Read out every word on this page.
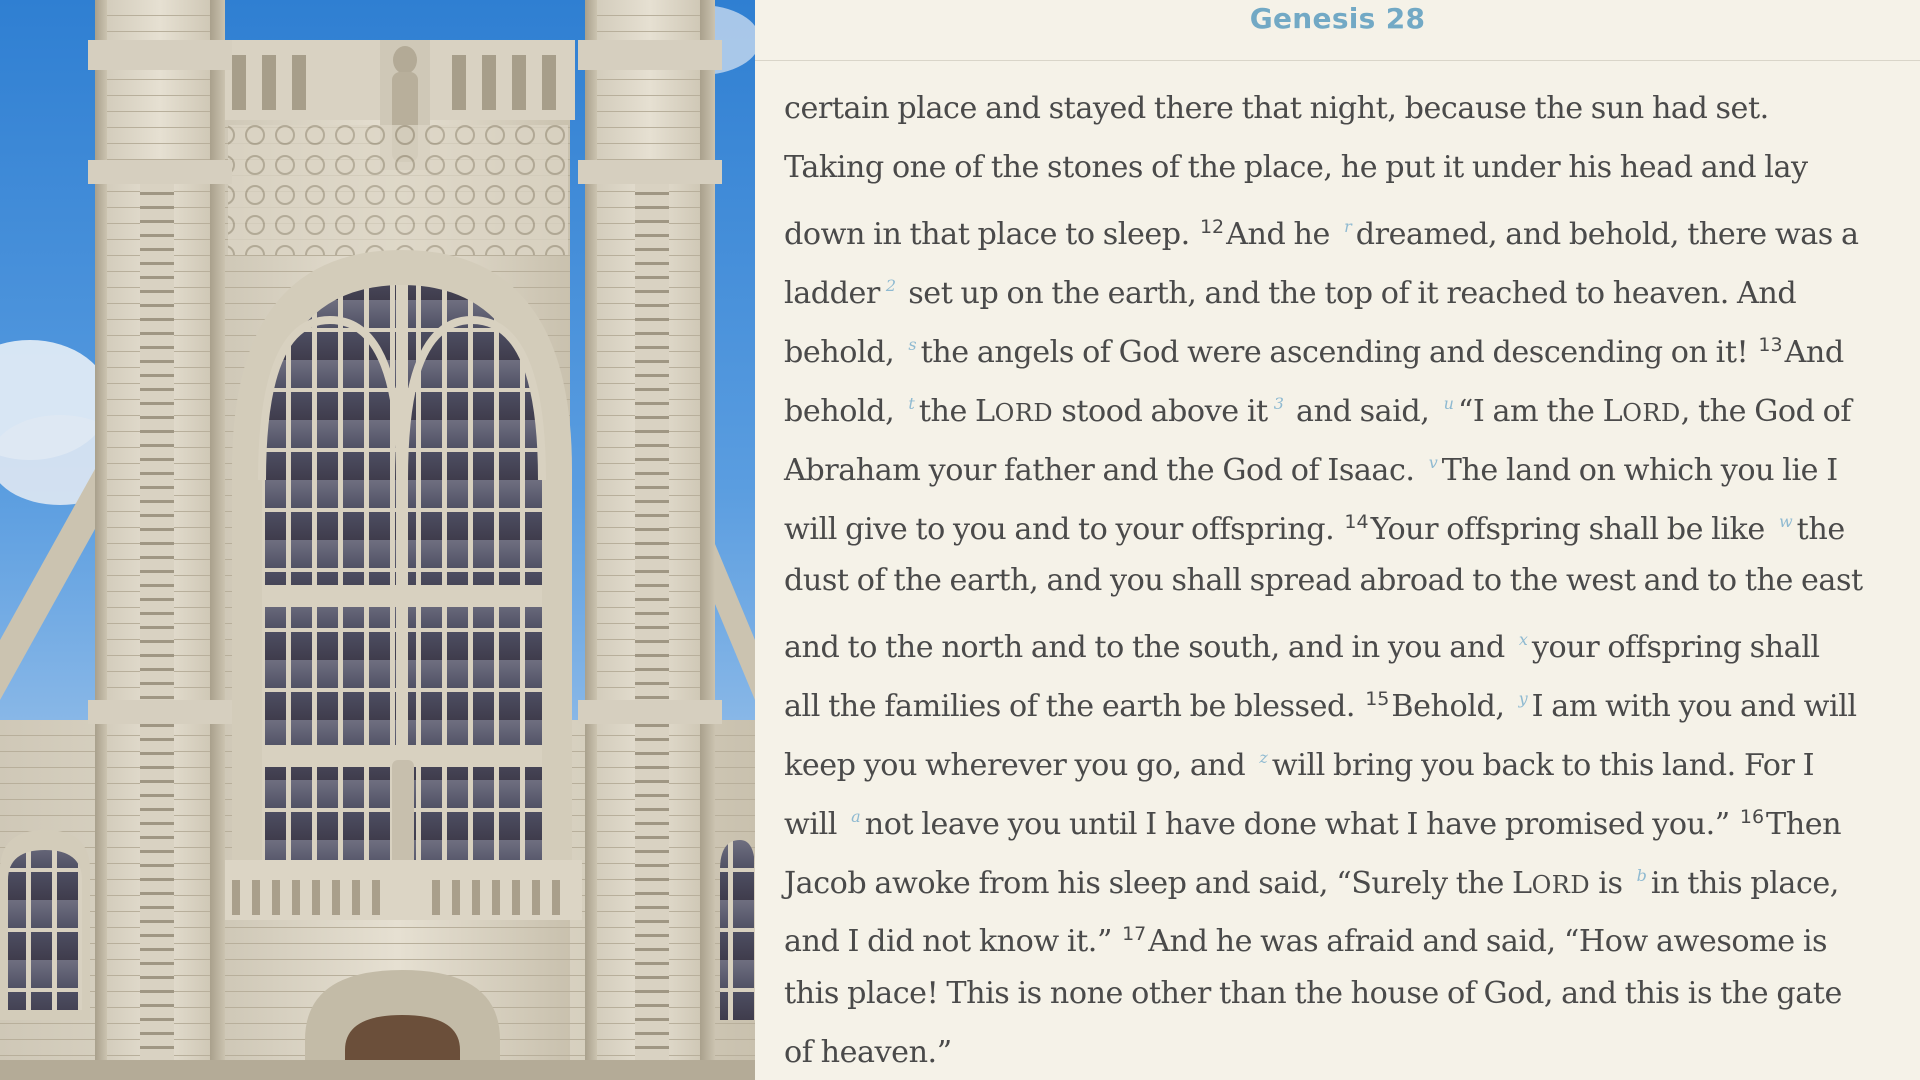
Genesis 28
certain place and stayed there that night, because the sun had set.
Taking one of the stones of the place, he put it under his head and lay
down in that place to sleep. $^{12}$And he $^r$ dreamed, and behold, there was a
ladder $^2$ set up on the earth, and the top of it reached to heaven. And
behold, $^s$ the angels of God were ascending and descending on it! $^{13}$And
behold, $^t$ the LORD stood above it $^3$ and said, $^u$ “I am the LORD, the God of
Abraham your father and the God of Isaac. $^v$ The land on which you lie I
will give to you and to your offspring. $^{14}$Your offspring shall be like $^w$ the
dust of the earth, and you shall spread abroad to the west and to the east
and to the north and to the south, and in you and $^x$ your offspring shall
all the families of the earth be blessed. $^{15}$Behold, $^y$ I am with you and will
keep you wherever you go, and $^z$ will bring you back to this land. For I
will $^a$ not leave you until I have done what I have promised you.” $^{16}$Then
Jacob awoke from his sleep and said, “Surely the LORD is $^b$ in this place,
and I did not know it.” $^{17}$And he was afraid and said, “How awesome is
this place! This is none other than the house of God, and this is the gate
of heaven.”
